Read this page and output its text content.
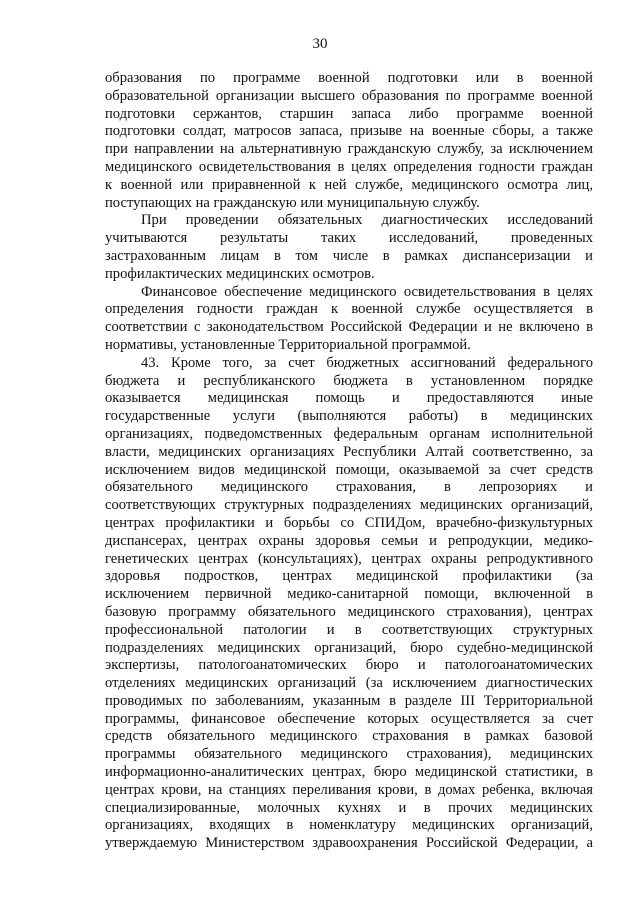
30
образования по программе военной подготовки или в военной
образовательной организации высшего образования по программе военной
подготовки сержантов, старшин запаса либо программе военной
подготовки солдат, матросов запаса, призыве на военные сборы, а также
при направлении на альтернативную гражданскую службу, за исключением
медицинского освидетельствования в целях определения годности граждан
к военной или приравненной к ней службе, медицинского осмотра лиц,
поступающих на гражданскую или муниципальную службу.
При проведении обязательных диагностических исследований
учитываются результаты таких исследований, проведенных
застрахованным лицам в том числе в рамках диспансеризации и
профилактических медицинских осмотров.
Финансовое обеспечение медицинского освидетельствования в целях
определения годности граждан к военной службе осуществляется в
соответствии с законодательством Российской Федерации и не включено в
нормативы, установленные Территориальной программой.
43. Кроме того, за счет бюджетных ассигнований федерального
бюджета и республиканского бюджета в установленном порядке
оказывается медицинская помощь и предоставляются иные
государственные услуги (выполняются работы) в медицинских
организациях, подведомственных федеральным органам исполнительной
власти, медицинских организациях Республики Алтай соответственно, за
исключением видов медицинской помощи, оказываемой за счет средств
обязательного медицинского страхования, в лепрозориях и
соответствующих структурных подразделениях медицинских организаций,
центрах профилактики и борьбы со СПИДом, врачебно-физкультурных
диспансерах, центрах охраны здоровья семьи и репродукции, медико-
генетических центрах (консультациях), центрах охраны репродуктивного
здоровья подростков, центрах медицинской профилактики (за
исключением первичной медико-санитарной помощи, включенной в
базовую программу обязательного медицинского страхования), центрах
профессиональной патологии и в соответствующих структурных
подразделениях медицинских организаций, бюро судебно-медицинской
экспертизы, патологоанатомических бюро и патологоанатомических
отделениях медицинских организаций (за исключением диагностических
проводимых по заболеваниям, указанным в разделе III Территориальной
программы, финансовое обеспечение которых осуществляется за счет
средств обязательного медицинского страхования в рамках базовой
программы обязательного медицинского страхования), медицинских
информационно-аналитических центрах, бюро медицинской статистики, в
центрах крови, на станциях переливания крови, в домах ребенка, включая
специализированные, молочных кухнях и в прочих медицинских
организациях, входящих в номенклатуру медицинских организаций,
утверждаемую Министерством здравоохранения Российской Федерации, а
